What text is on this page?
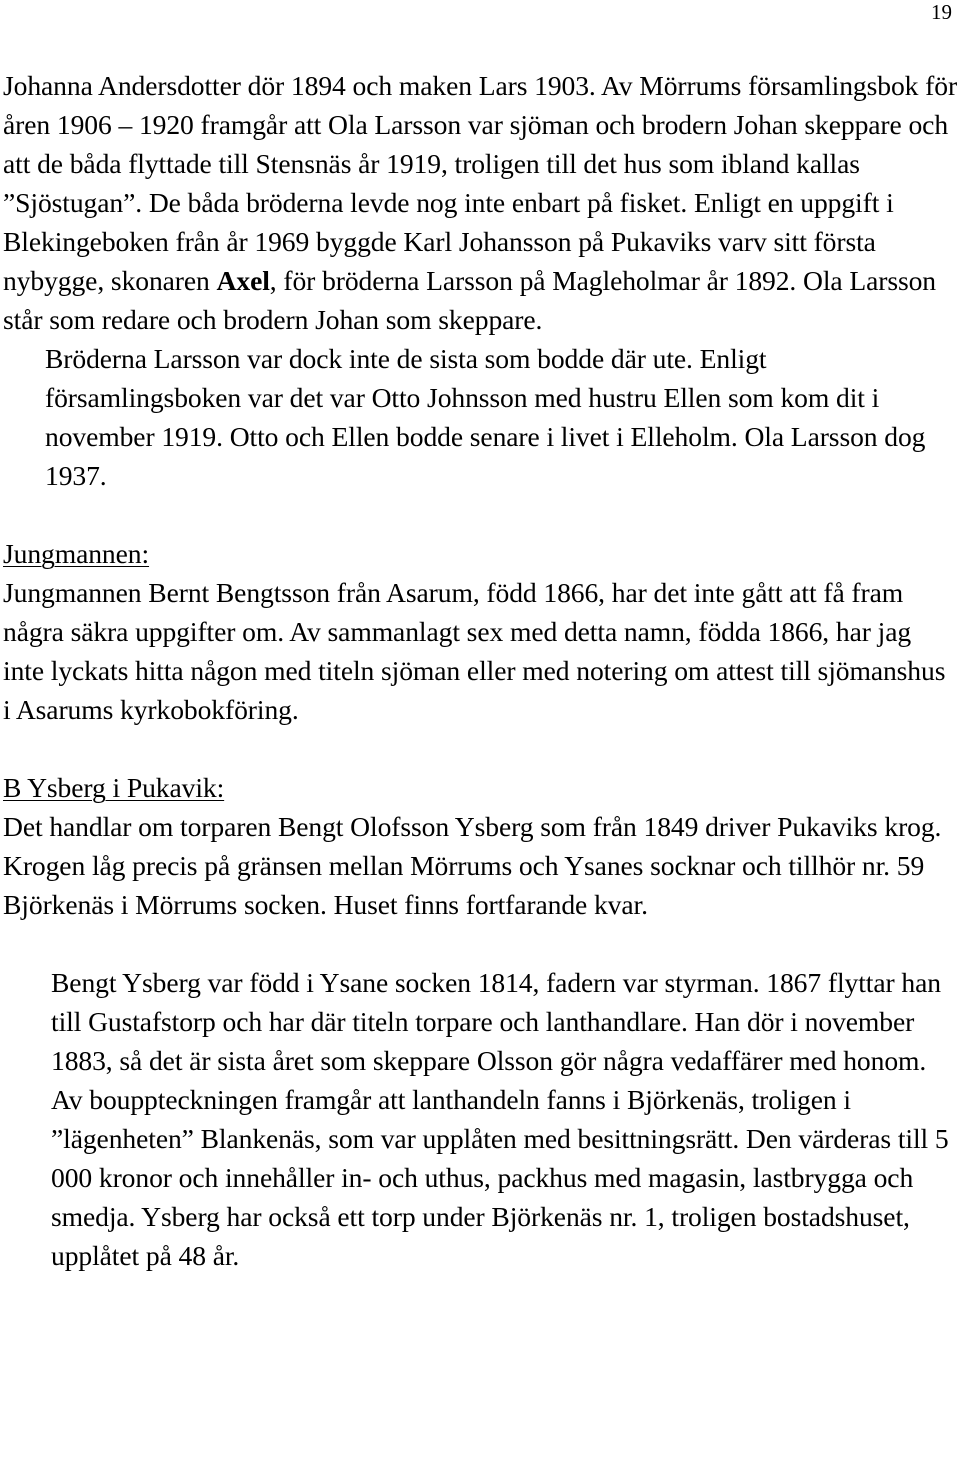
19

Johanna Andersdotter dör 1894 och maken Lars 1903. Av Mörrums församlingsbok för åren 1906 – 1920 framgår att Ola Larsson var sjöman och brodern Johan skeppare och att de båda flyttade till Stensnäs år 1919, troligen till det hus som ibland kallas ”Sjöstugan”. De båda bröderna levde nog inte enbart på fisket. Enligt en uppgift i Blekingeboken från år 1969 byggde Karl Johansson på Pukaviks varv sitt första nybygge, skonaren Axel, för bröderna Larsson på Magleholmar år 1892. Ola Larsson står som redare och brodern Johan som skeppare.

Bröderna Larsson var dock inte de sista som bodde där ute. Enligt församlingsboken var det var Otto Johnsson med hustru Ellen som kom dit i november 1919. Otto och Ellen bodde senare i livet i Elleholm. Ola Larsson dog 1937.

Jungmannen:

Jungmannen Bernt Bengtsson från Asarum, född 1866, har det inte gått att få fram några säkra uppgifter om. Av sammanlagt sex med detta namn, födda 1866, har jag inte lyckats hitta någon med titeln sjöman eller med notering om attest till sjömanshus i Asarums kyrkobokföring.

B Ysberg i Pukavik:

Det handlar om torparen Bengt Olofsson Ysberg som från 1849 driver Pukaviks krog. Krogen låg precis på gränsen mellan Mörrums och Ysanes socknar och tillhör nr. 59 Björkenäs i Mörrums socken. Huset finns fortfarande kvar.

Bengt Ysberg var född i Ysane socken 1814, fadern var styrman. 1867 flyttar han till Gustafstorp och har där titeln torpare och lanthandlare. Han dör i november 1883, så det är sista året som skeppare Olsson gör några vedaffärer med honom. Av bouppteckningen framgår att lanthandeln fanns i Björkenäs, troligen i ”lägenheten” Blankenäs, som var upplåten med besittningsrätt. Den värderas till 5 000 kronor och innehåller in- och uthus, packhus med magasin, lastbrygga och smedja. Ysberg har också ett torp under Björkenäs nr. 1, troligen bostadshuset, upplåtet på 48 år.
